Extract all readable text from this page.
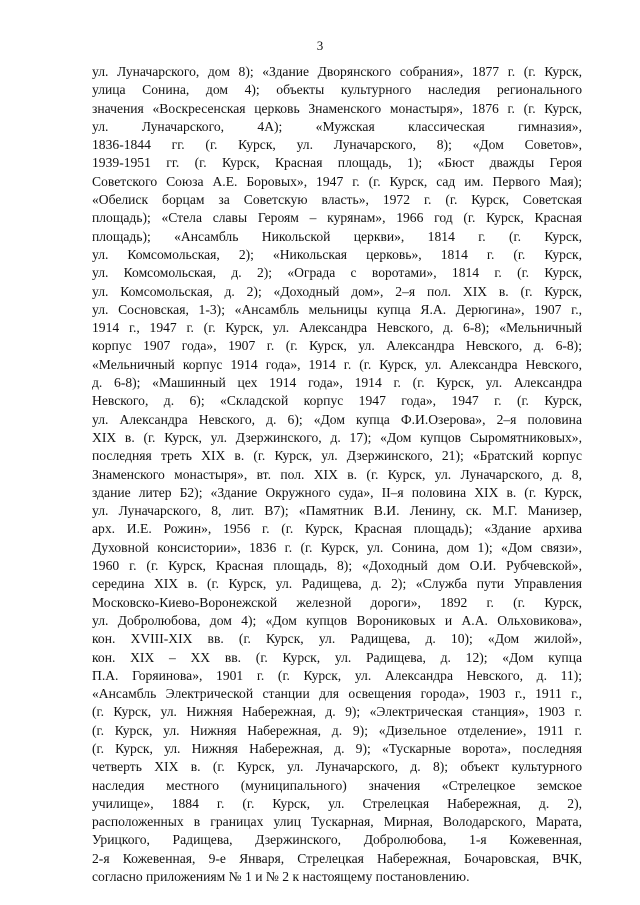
3
ул. Луначарского, дом 8); «Здание Дворянского собрания», 1877 г. (г. Курск,
улица Сонина, дом 4); объекты культурного наследия регионального
значения «Воскресенская церковь Знаменского монастыря», 1876 г. (г. Курск,
ул. Луначарского, 4А); «Мужская классическая гимназия»,
1836-1844 гг. (г. Курск, ул. Луначарского, 8); «Дом Советов»,
1939-1951 гг. (г. Курск, Красная площадь, 1); «Бюст дважды Героя
Советского Союза А.Е. Боровых», 1947 г. (г. Курск, сад им. Первого Мая);
«Обелиск борцам за Советскую власть», 1972 г. (г. Курск, Советская
площадь); «Стела славы Героям – курянам», 1966 год (г. Курск, Красная
площадь); «Ансамбль Никольской церкви», 1814 г. (г. Курск,
ул. Комсомольская, 2); «Никольская церковь», 1814 г. (г. Курск,
ул. Комсомольская, д. 2); «Ограда с воротами», 1814 г. (г. Курск,
ул. Комсомольская, д. 2); «Доходный дом», 2–я пол. XIX в. (г. Курск,
ул. Сосновская, 1-3); «Ансамбль мельницы купца Я.А. Дерюгина», 1907 г.,
1914 г., 1947 г. (г. Курск, ул. Александра Невского, д. 6-8); «Мельничный
корпус 1907 года», 1907 г. (г. Курск, ул. Александра Невского, д. 6-8);
«Мельничный корпус 1914 года», 1914 г. (г. Курск, ул. Александра Невского,
д. 6-8); «Машинный цех 1914 года», 1914 г. (г. Курск, ул. Александра
Невского, д. 6); «Складской корпус 1947 года», 1947 г. (г. Курск,
ул. Александра Невского, д. 6); «Дом купца Ф.И.Озерова», 2–я половина
XIX в. (г. Курск, ул. Дзержинского, д. 17); «Дом купцов Сыромятниковых»,
последняя треть XIX в. (г. Курск, ул. Дзержинского, 21); «Братский корпус
Знаменского монастыря», вт. пол. XIX в. (г. Курск, ул. Луначарского, д. 8,
здание литер Б2); «Здание Окружного суда», II–я половина XIX в. (г. Курск,
ул. Луначарского, 8, лит. В7); «Памятник В.И. Ленину, ск. М.Г. Манизер,
арх. И.Е. Рожин», 1956 г. (г. Курск, Красная площадь); «Здание архива
Духовной консистории», 1836 г. (г. Курск, ул. Сонина, дом 1); «Дом связи»,
1960 г. (г. Курск, Красная площадь, 8); «Доходный дом О.И. Рубчевской»,
середина XIX в. (г. Курск, ул. Радищева, д. 2); «Служба пути Управления
Московско-Киево-Воронежской железной дороги», 1892 г. (г. Курск,
ул. Добролюбова, дом 4); «Дом купцов Ворониковых и А.А. Ольховикова»,
кон. XVIII-XIX вв. (г. Курск, ул. Радищева, д. 10); «Дом жилой»,
кон. XIX – XX вв. (г. Курск, ул. Радищева, д. 12); «Дом купца
П.А. Горяинова», 1901 г. (г. Курск, ул. Александра Невского, д. 11);
«Ансамбль Электрической станции для освещения города», 1903 г., 1911 г.,
(г. Курск, ул. Нижняя Набережная, д. 9); «Электрическая станция», 1903 г.
(г. Курск, ул. Нижняя Набережная, д. 9); «Дизельное отделение», 1911 г.
(г. Курск, ул. Нижняя Набережная, д. 9); «Тускарные ворота», последняя
четверть XIX в. (г. Курск, ул. Луначарского, д. 8); объект культурного
наследия местного (муниципального) значения «Стрелецкое земское
училище», 1884 г. (г. Курск, ул. Стрелецкая Набережная, д. 2),
расположенных в границах улиц Тускарная, Мирная, Володарского, Марата,
Урицкого, Радищева, Дзержинского, Добролюбова, 1-я Кожевенная,
2-я Кожевенная, 9-е Января, Стрелецкая Набережная, Бочаровская, ВЧК,
согласно приложениям № 1 и № 2 к настоящему постановлению.
